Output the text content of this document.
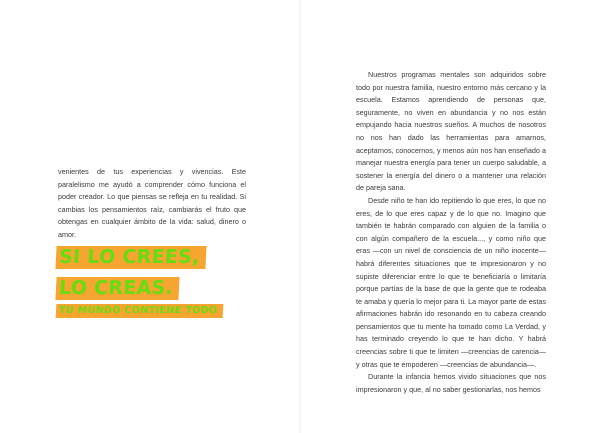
venientes de tus experiencias y vivencias. Este paralelismo me ayudó a comprender cómo funciona el poder creador. Lo que piensas se refleja en tu realidad. Si cambias los pensamientos raíz, cambiarás el fruto que obtengas en cualquier ámbito de la vida: salud, dinero o amor.

SI LO CREES,
LO CREAS.
TU MUNDO CONTIENE TODO

Nuestros programas mentales son adquiridos sobre todo por nuestra familia, nuestro entorno más cercano y la escuela. Estamos aprendiendo de personas que, seguramente, no viven en abundancia y no nos están empujando hacia nuestros sueños. A muchos de nosotros no nos han dado las herramientas para amarnos, aceptarnos, conocernos, y menos aún nos han enseñado a manejar nuestra energía para tener un cuerpo saludable, a sostener la energía del dinero o a mantener una relación de pareja sana.

Desde niño te han ido repitiendo lo que eres, lo que no eres, de lo que eres capaz y de lo que no. Imagino que también te habrán comparado con alguien de la familia o con algún compañero de la escuela..., y como niño que eras —con un nivel de consciencia de un niño inocente— habrá diferentes situaciones que te impresionaron y no supiste diferenciar entre lo que te beneficiaría o limitaría porque partías de la base de que la gente que te rodeaba te amaba y quería lo mejor para ti. La mayor parte de estas afirmaciones habrán ido resonando en tu cabeza creando pensamientos que tu mente ha tomado como La Verdad, y has terminado creyendo lo que te han dicho. Y habrá creencias sobre ti que te limiten —creencias de carencia— y otras que te empoderen —creencias de abundancia—.

Durante la infancia hemos vivido situaciones que nos impresionaron y que, al no saber gestionarlas, nos hemos
